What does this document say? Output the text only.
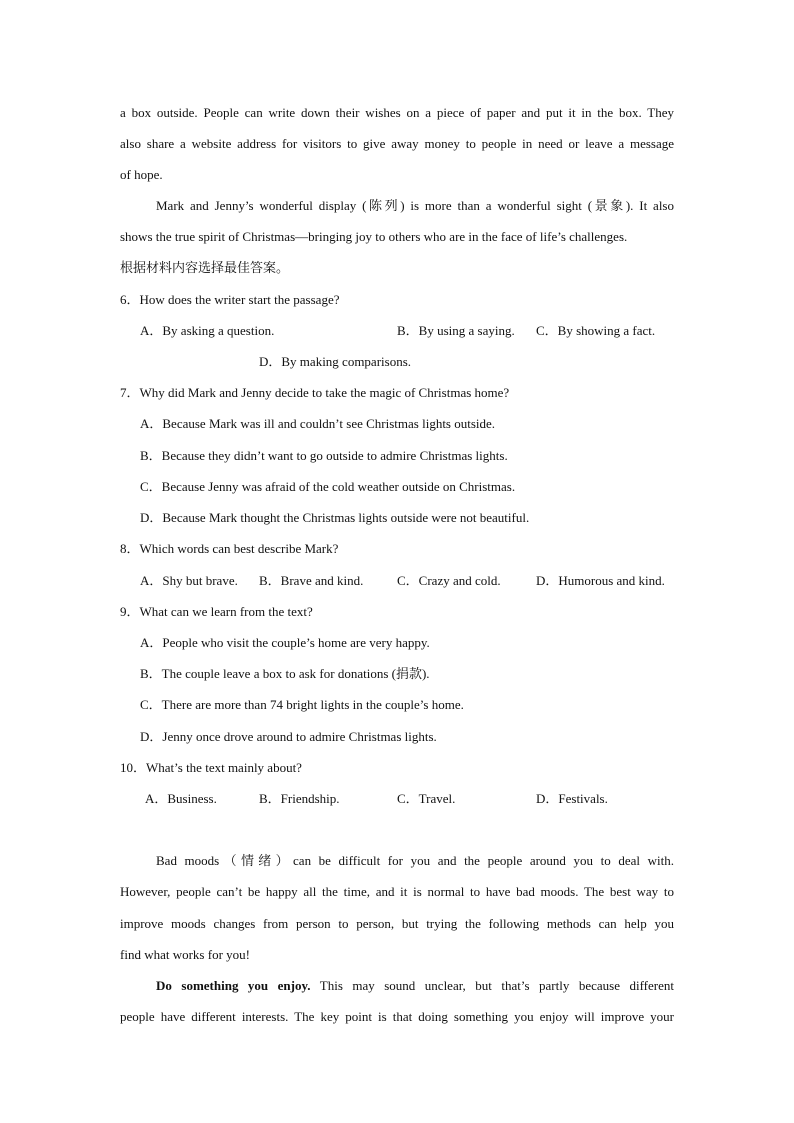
a box outside. People can write down their wishes on a piece of paper and put it in the box. They
also share a website address for visitors to give away money to people in need or leave a message
of hope.
Mark and Jenny’s wonderful display (陈列) is more than a wonderful sight (景象). It also
shows the true spirit of Christmas—bringing joy to others who are in the face of life’s challenges.
根据材料内容选择最佳答案。
6．How does the writer start the passage?
A．By asking a question.	B．By using a saying. C．By showing a fact.
D．By making comparisons.
7．Why did Mark and Jenny decide to take the magic of Christmas home?
A．Because Mark was ill and couldn’t see Christmas lights outside.
B．Because they didn’t want to go outside to admire Christmas lights.
C．Because Jenny was afraid of the cold weather outside on Christmas.
D．Because Mark thought the Christmas lights outside were not beautiful.
8．Which words can best describe Mark?
A．Shy but brave. B．Brave and kind.	C．Crazy and cold.	D．Humorous and kind.
9．What can we learn from the text?
A．People who visit the couple’s home are very happy.
B．The couple leave a box to ask for donations (捐款).
C．There are more than 74 bright lights in the couple’s home.
D．Jenny once drove around to admire Christmas lights.
10．What’s the text mainly about?
A．Business.	B．Friendship.	C．Travel.	D．Festivals.
Bad moods（情绪）can be difficult for you and the people around you to deal with.
However, people can’t be happy all the time, and it is normal to have bad moods. The best way to
improve moods changes from person to person, but trying the following methods can help you
find what works for you!
Do something you enjoy. This may sound unclear, but that’s partly because different
people have different interests. The key point is that doing something you enjoy will improve your
